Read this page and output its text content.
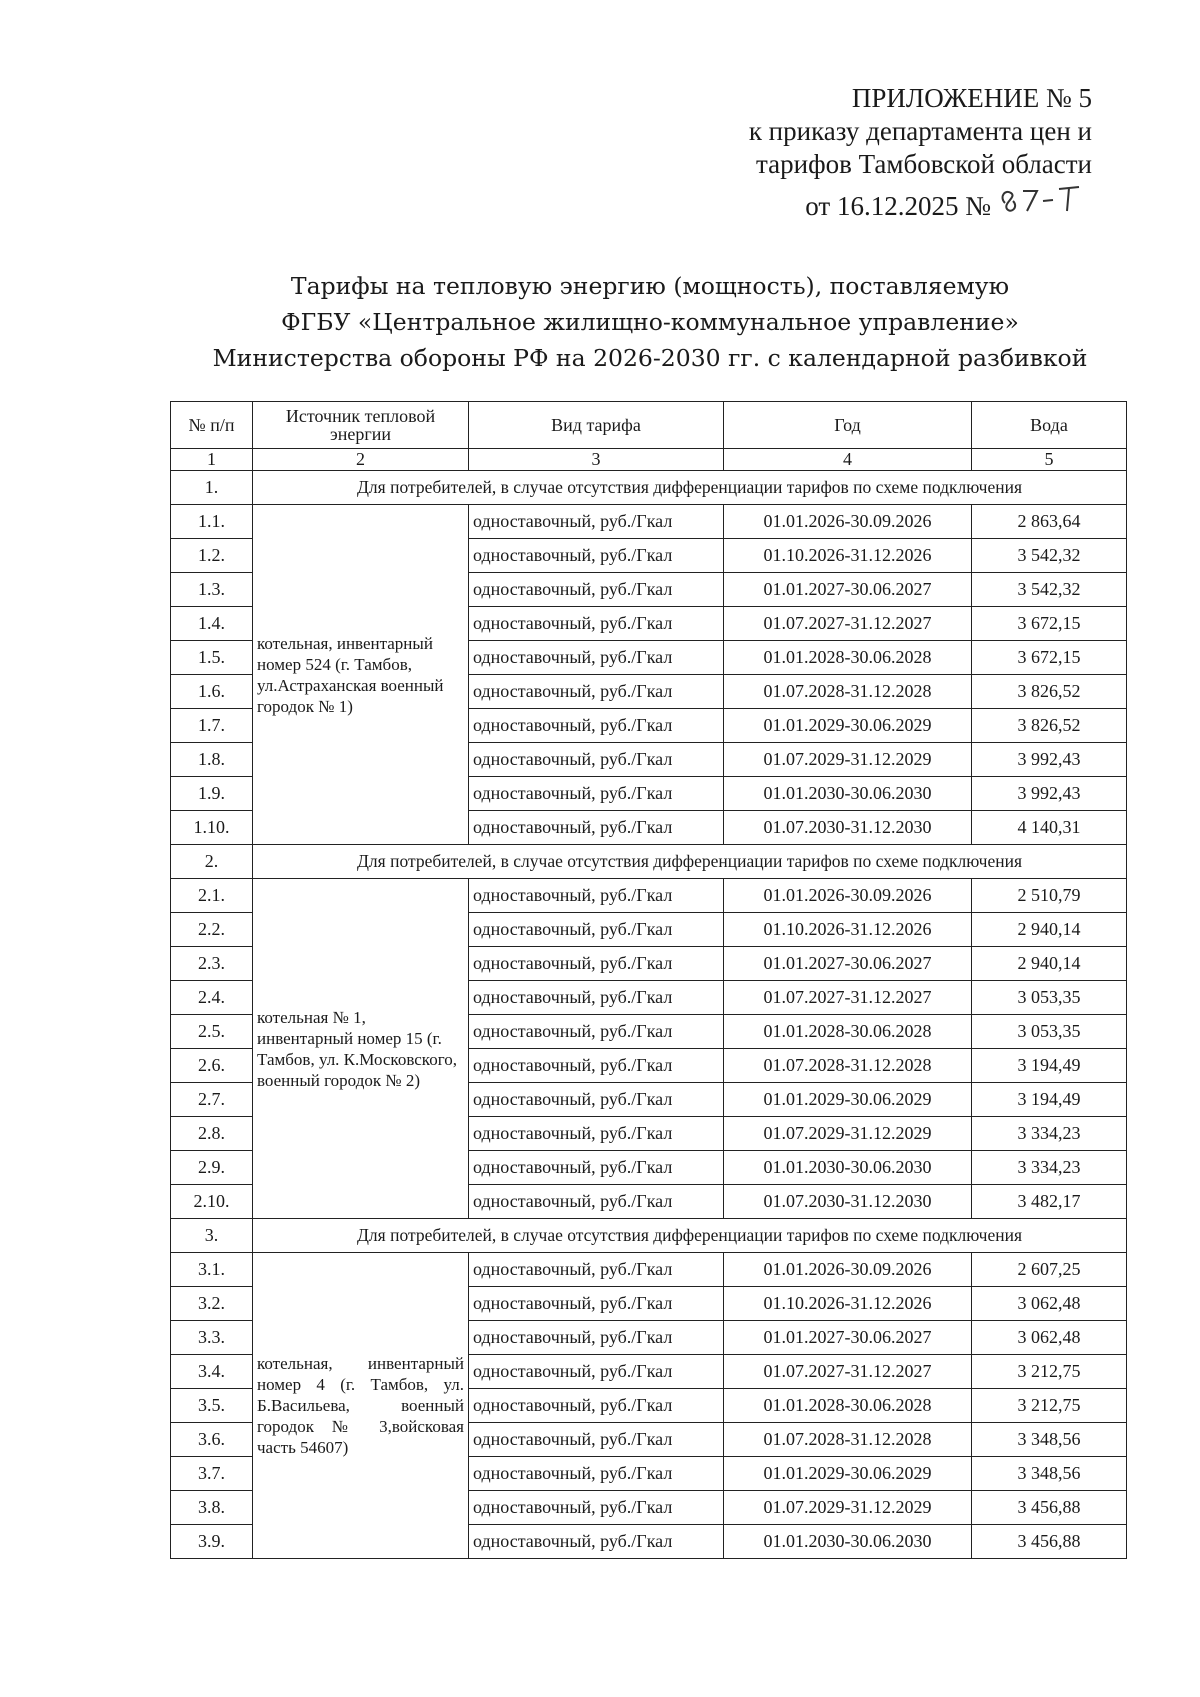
ПРИЛОЖЕНИЕ № 5
к приказу департамента цен и
тарифов Тамбовской области
от 16.12.2025 №
Тарифы на тепловую энергию (мощность), поставляемую
ФГБУ «Центральное жилищно-коммунальное управление»
Министерства обороны РФ на 2026-2030 гг. с календарной разбивкой
№ п/п	Источник тепловой энергии	Вид тарифа	Год	Вода
1	2	3	4	5
1.	Для потребителей, в случае отсутствия дифференциации тарифов по схеме подключения			
1.1.	котельная, инвентарный номер 524 (г. Тамбов, ул.Астраханская военный городок № 1)	одноставочный, руб./Гкал	01.01.2026-30.09.2026	2 863,64
1.2.		одноставочный, руб./Гкал	01.10.2026-31.12.2026	3 542,32
1.3.		одноставочный, руб./Гкал	01.01.2027-30.06.2027	3 542,32
1.4.		одноставочный, руб./Гкал	01.07.2027-31.12.2027	3 672,15
1.5.		одноставочный, руб./Гкал	01.01.2028-30.06.2028	3 672,15
1.6.		одноставочный, руб./Гкал	01.07.2028-31.12.2028	3 826,52
1.7.		одноставочный, руб./Гкал	01.01.2029-30.06.2029	3 826,52
1.8.		одноставочный, руб./Гкал	01.07.2029-31.12.2029	3 992,43
1.9.		одноставочный, руб./Гкал	01.01.2030-30.06.2030	3 992,43
1.10.		одноставочный, руб./Гкал	01.07.2030-31.12.2030	4 140,31
2.	Для потребителей, в случае отсутствия дифференциации тарифов по схеме подключения			
2.1.	котельная № 1, инвентарный номер 15 (г. Тамбов, ул. К.Московского, военный городок № 2)	одноставочный, руб./Гкал	01.01.2026-30.09.2026	2 510,79
2.2.		одноставочный, руб./Гкал	01.10.2026-31.12.2026	2 940,14
2.3.		одноставочный, руб./Гкал	01.01.2027-30.06.2027	2 940,14
2.4.		одноставочный, руб./Гкал	01.07.2027-31.12.2027	3 053,35
2.5.		одноставочный, руб./Гкал	01.01.2028-30.06.2028	3 053,35
2.6.		одноставочный, руб./Гкал	01.07.2028-31.12.2028	3 194,49
2.7.		одноставочный, руб./Гкал	01.01.2029-30.06.2029	3 194,49
2.8.		одноставочный, руб./Гкал	01.07.2029-31.12.2029	3 334,23
2.9.		одноставочный, руб./Гкал	01.01.2030-30.06.2030	3 334,23
2.10.		одноставочный, руб./Гкал	01.07.2030-31.12.2030	3 482,17
3.	Для потребителей, в случае отсутствия дифференциации тарифов по схеме подключения			
3.1.	котельная, инвентарный номер 4 (г. Тамбов, ул. Б.Васильева, военный городок № 3,войсковая часть 54607)	одноставочный, руб./Гкал	01.01.2026-30.09.2026	2 607,25
3.2.		одноставочный, руб./Гкал	01.10.2026-31.12.2026	3 062,48
3.3.		одноставочный, руб./Гкал	01.01.2027-30.06.2027	3 062,48
3.4.		одноставочный, руб./Гкал	01.07.2027-31.12.2027	3 212,75
3.5.		одноставочный, руб./Гкал	01.01.2028-30.06.2028	3 212,75
3.6.		одноставочный, руб./Гкал	01.07.2028-31.12.2028	3 348,56
3.7.		одноставочный, руб./Гкал	01.01.2029-30.06.2029	3 348,56
3.8.		одноставочный, руб./Гкал	01.07.2029-31.12.2029	3 456,88
3.9.		одноставочный, руб./Гкал	01.01.2030-30.06.2030	3 456,88
